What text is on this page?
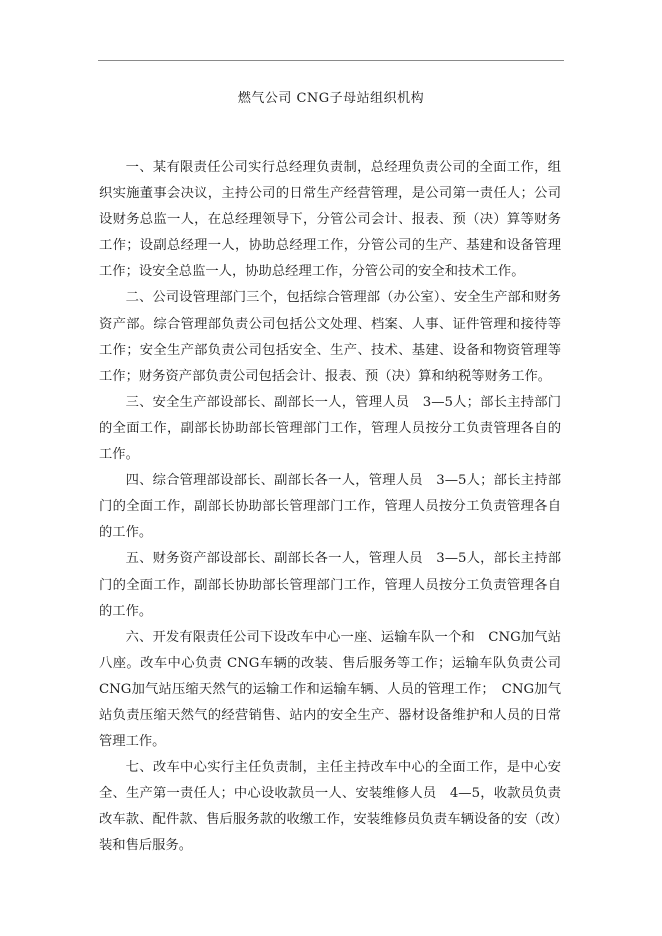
燃气公司 CNG子母站组织机构

一、某有限责任公司实行总经理负责制，总经理负责公司的全面工作，组织实施董事会决议，主持公司的日常生产经营管理，是公司第一责任人；公司设财务总监一人，在总经理领导下，分管公司会计、报表、预（决）算等财务工作；设副总经理一人，协助总经理工作，分管公司的生产、基建和设备管理工作；设安全总监一人，协助总经理工作，分管公司的安全和技术工作。

二、公司设管理部门三个，包括综合管理部（办公室）、安全生产部和财务资产部。综合管理部负责公司包括公文处理、档案、人事、证件管理和接待等工作；安全生产部负责公司包括安全、生产、技术、基建、设备和物资管理等工作；财务资产部负责公司包括会计、报表、预（决）算和纳税等财务工作。

三、安全生产部设部长、副部长一人，管理人员　3—5人；部长主持部门的全面工作，副部长协助部长管理部门工作，管理人员按分工负责管理各自的工作。

四、综合管理部设部长、副部长各一人，管理人员　3—5人；部长主持部门的全面工作，副部长协助部长管理部门工作，管理人员按分工负责管理各自的工作。

五、财务资产部设部长、副部长各一人，管理人员　3—5人，部长主持部门的全面工作，副部长协助部长管理部门工作，管理人员按分工负责管理各自的工作。

六、开发有限责任公司下设改车中心一座、运输车队一个和　CNG加气站八座。改车中心负责 CNG车辆的改装、售后服务等工作；运输车队负责公司　CNG加气站压缩天然气的运输工作和运输车辆、人员的管理工作；　CNG加气站负责压缩天然气的经营销售、站内的安全生产、器材设备维护和人员的日常管理工作。

七、改车中心实行主任负责制，主任主持改车中心的全面工作，是中心安全、生产第一责任人；中心设收款员一人、安装维修人员　4—5，收款员负责改车款、配件款、售后服务款的收缴工作，安装维修员负责车辆设备的安（改）装和售后服务。
